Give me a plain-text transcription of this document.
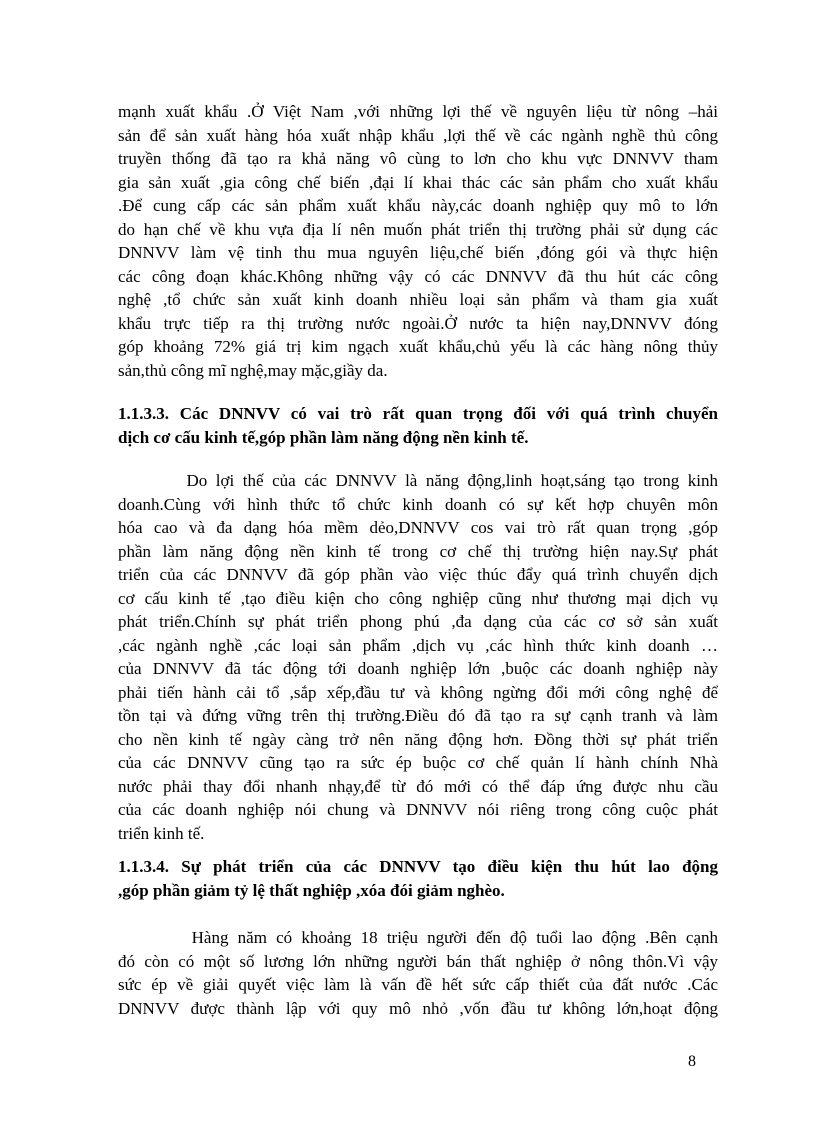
mạnh xuất khẩu .Ở Việt Nam ,với những lợi thế về nguyên liệu từ nông –hải
sản để sản xuất hàng hóa xuất nhập khẩu ,lợi thế về các ngành nghề thủ công
truyền thống đã tạo ra khả năng vô cùng to lơn cho khu vực DNNVV tham
gia sản xuất ,gia công chế biến ,đại lí khai thác các sản phẩm cho xuất khẩu
.Để cung cấp các sản phẩm xuất khẩu này,các doanh nghiệp quy mô to lớn
do hạn chế về khu vựa địa lí nên muốn phát triển thị trường phải sử dụng các
DNNVV làm vệ tinh thu mua nguyên liệu,chế biến ,đóng gói và thực hiện
các công đoạn khác.Không những vậy có các DNNVV đã thu hút các công
nghệ ,tổ chức sản xuất kinh doanh nhiều loại sản phẩm và tham gia xuất
khẩu trực tiếp ra thị trường nước ngoài.Ở nước ta hiện nay,DNNVV đóng
góp khoảng 72% giá trị kim ngạch xuất khẩu,chủ yếu là các hàng nông thủy
sản,thủ công mĩ nghệ,may mặc,giầy da.
1.1.3.3. Các DNNVV có vai trò rất quan trọng đối với quá trình chuyển
dịch cơ cấu kinh tế,góp phần làm năng động nền kinh tế.
Do lợi thế của các DNNVV là năng động,linh hoạt,sáng tạo trong kinh
doanh.Cùng với hình thức tổ chức kinh doanh có sự kết hợp chuyên môn
hóa cao và đa dạng hóa mềm dẻo,DNNVV cos vai trò rất quan trọng ,góp
phần làm năng động nền kinh tế trong cơ chế thị trường hiện nay.Sự phát
triển của các DNNVV đã góp phần vào việc thúc đẩy quá trình chuyển dịch
cơ cấu kinh tế ,tạo điều kiện cho công nghiệp cũng như thương mại dịch vụ
phát triển.Chính sự phát triển phong phú ,đa dạng của các cơ sở sản xuất
,các ngành nghề ,các loại sản phẩm ,dịch vụ ,các hình thức kinh doanh …
của DNNVV đã tác động tới doanh nghiệp lớn ,buộc các doanh nghiệp này
phải tiến hành cải tổ ,sắp xếp,đầu tư và không ngừng đổi mới công nghệ để
tồn tại và đứng vững trên thị trường.Điều đó đã tạo ra sự cạnh tranh và làm
cho nền kinh tế ngày càng trở nên năng động hơn. Đồng thời sự phát triển
của các DNNVV cũng tạo ra sức ép buộc cơ chế quản lí hành chính Nhà
nước phải thay đổi nhanh nhạy,để từ đó mới có thể đáp ứng được nhu cầu
của các doanh nghiệp nói chung và DNNVV nói riêng trong công cuộc phát
triển kinh tế.
1.1.3.4. Sự phát triển của các DNNVV tạo điều kiện thu hút lao động
,góp phần giảm tỷ lệ thất nghiệp ,xóa đói giảm nghèo.
Hàng năm có khoảng 18 triệu người đến độ tuổi lao động .Bên cạnh
đó còn có một số lương lớn những người bán thất nghiệp ở nông thôn.Vì vậy
sức ép về giải quyết việc làm là vấn đề hết sức cấp thiết của đất nước .Các
DNNVV được thành lập với quy mô nhỏ ,vốn đầu tư không lớn,hoạt động
8
